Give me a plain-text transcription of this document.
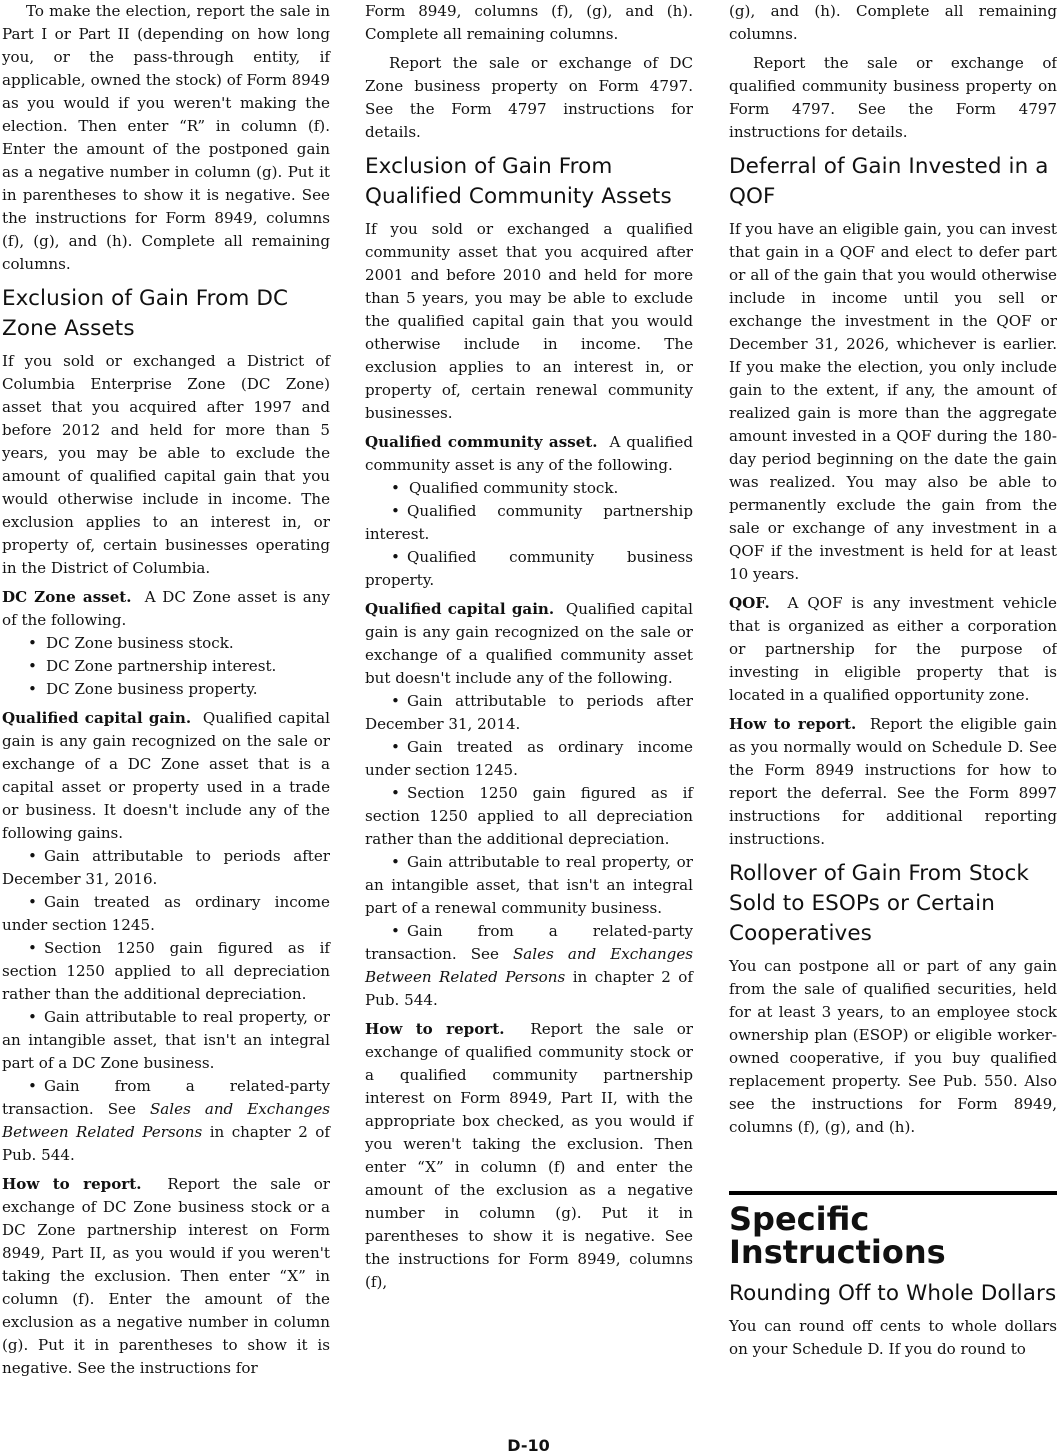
To make the election, report the sale in Part I or Part II (depending on how long you, or the pass-through entity, if applicable, owned the stock) of Form 8949 as you would if you weren't making the election. Then enter “R” in column (f). Enter the amount of the postponed gain as a negative number in column (g). Put it in parentheses to show it is negative. See the instructions for Form 8949, columns (f), (g), and (h). Complete all remaining columns.

Exclusion of Gain From DC Zone Assets

If you sold or exchanged a District of Columbia Enterprise Zone (DC Zone) asset that you acquired after 1997 and before 2012 and held for more than 5 years, you may be able to exclude the amount of qualified capital gain that you would otherwise include in income. The exclusion applies to an interest in, or property of, certain businesses operating in the District of Columbia.

DC Zone asset. A DC Zone asset is any of the following.

• DC Zone business stock.
• DC Zone partnership interest.
• DC Zone business property.

Qualified capital gain. Qualified capital gain is any gain recognized on the sale or exchange of a DC Zone asset that is a capital asset or property used in a trade or business. It doesn't include any of the following gains.

• Gain attributable to periods after December 31, 2016.

• Gain treated as ordinary income under section 1245.

• Section 1250 gain figured as if section 1250 applied to all depreciation rather than the additional depreciation.

• Gain attributable to real property, or an intangible asset, that isn't an integral part of a DC Zone business.

• Gain from a related-party transaction. See Sales and Exchanges Between Related Persons in chapter 2 of Pub. 544.

How to report. Report the sale or exchange of DC Zone business stock or a DC Zone partnership interest on Form 8949, Part II, as you would if you weren't taking the exclusion. Then enter “X” in column (f). Enter the amount of the exclusion as a negative number in column (g). Put it in parentheses to show it is negative. See the instructions for

Form 8949, columns (f), (g), and (h). Complete all remaining columns.

Report the sale or exchange of DC Zone business property on Form 4797. See the Form 4797 instructions for details.

Exclusion of Gain From Qualified Community Assets

If you sold or exchanged a qualified community asset that you acquired after 2001 and before 2010 and held for more than 5 years, you may be able to exclude the qualified capital gain that you would otherwise include in income. The exclusion applies to an interest in, or property of, certain renewal community businesses.

Qualified community asset. A qualified community asset is any of the following.

• Qualified community stock.

• Qualified community partnership interest.

• Qualified community business property.

Qualified capital gain. Qualified capital gain is any gain recognized on the sale or exchange of a qualified community asset but doesn't include any of the following.

• Gain attributable to periods after December 31, 2014.

• Gain treated as ordinary income under section 1245.

• Section 1250 gain figured as if section 1250 applied to all depreciation rather than the additional depreciation.

• Gain attributable to real property, or an intangible asset, that isn't an integral part of a renewal community business.

• Gain from a related-party transaction. See Sales and Exchanges Between Related Persons in chapter 2 of Pub. 544.

How to report. Report the sale or exchange of qualified community stock or a qualified community partnership interest on Form 8949, Part II, with the appropriate box checked, as you would if you weren't taking the exclusion. Then enter “X” in column (f) and enter the amount of the exclusion as a negative number in column (g). Put it in parentheses to show it is negative. See the instructions for Form 8949, columns (f),

(g), and (h). Complete all remaining columns.

Report the sale or exchange of qualified community business property on Form 4797. See the Form 4797 instructions for details.

Deferral of Gain Invested in a QOF

If you have an eligible gain, you can invest that gain in a QOF and elect to defer part or all of the gain that you would otherwise include in income until you sell or exchange the investment in the QOF or December 31, 2026, whichever is earlier. If you make the election, you only include gain to the extent, if any, the amount of realized gain is more than the aggregate amount invested in a QOF during the 180-day period beginning on the date the gain was realized. You may also be able to permanently exclude the gain from the sale or exchange of any investment in a QOF if the investment is held for at least 10 years.

QOF. A QOF is any investment vehicle that is organized as either a corporation or partnership for the purpose of investing in eligible property that is located in a qualified opportunity zone.

How to report. Report the eligible gain as you normally would on Schedule D. See the Form 8949 instructions for how to report the deferral. See the Form 8997 instructions for additional reporting instructions.

Rollover of Gain From Stock Sold to ESOPs or Certain Cooperatives

You can postpone all or part of any gain from the sale of qualified securities, held for at least 3 years, to an employee stock ownership plan (ESOP) or eligible worker-owned cooperative, if you buy qualified replacement property. See Pub. 550. Also see the instructions for Form 8949, columns (f), (g), and (h).

Specific Instructions
Rounding Off to Whole Dollars

You can round off cents to whole dollars on your Schedule D. If you do round to

D-10
